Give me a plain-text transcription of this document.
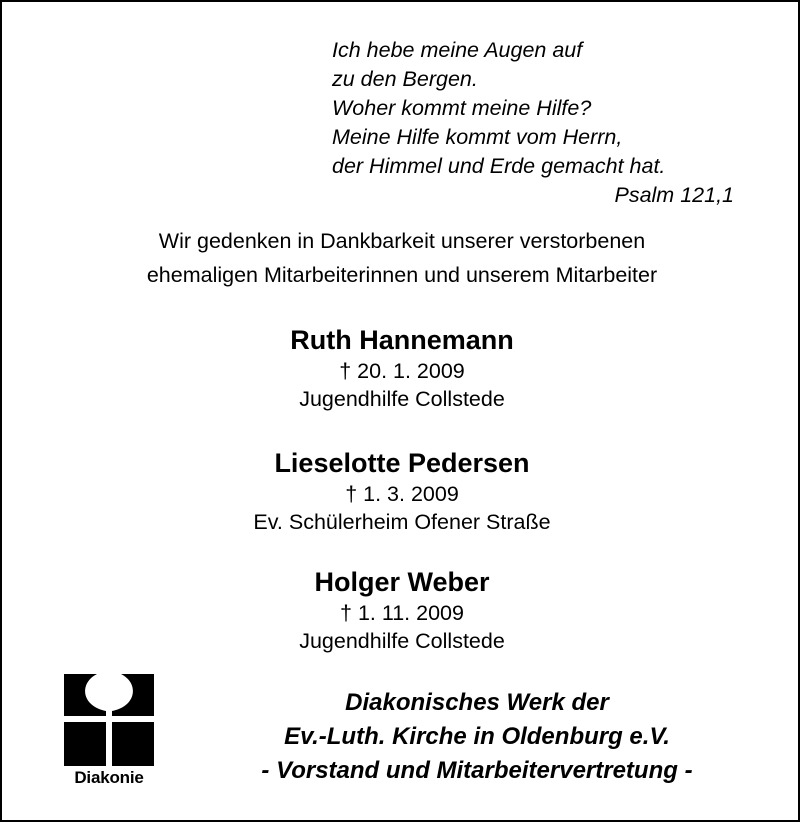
Ich hebe meine Augen auf
zu den Bergen.
Woher kommt meine Hilfe?
Meine Hilfe kommt vom Herrn,
der Himmel und Erde gemacht hat.
Psalm 121,1
Wir gedenken in Dankbarkeit unserer verstorbenen
ehemaligen Mitarbeiterinnen und unserem Mitarbeiter
Ruth Hannemann
† 20. 1. 2009
Jugendhilfe Collstede
Lieselotte Pedersen
† 1. 3. 2009
Ev. Schülerheim Ofener Straße
Holger Weber
† 1. 11. 2009
Jugendhilfe Collstede
Diakonie
Diakonisches Werk der
Ev.-Luth. Kirche in Oldenburg e.V.
- Vorstand und Mitarbeitervertretung -
